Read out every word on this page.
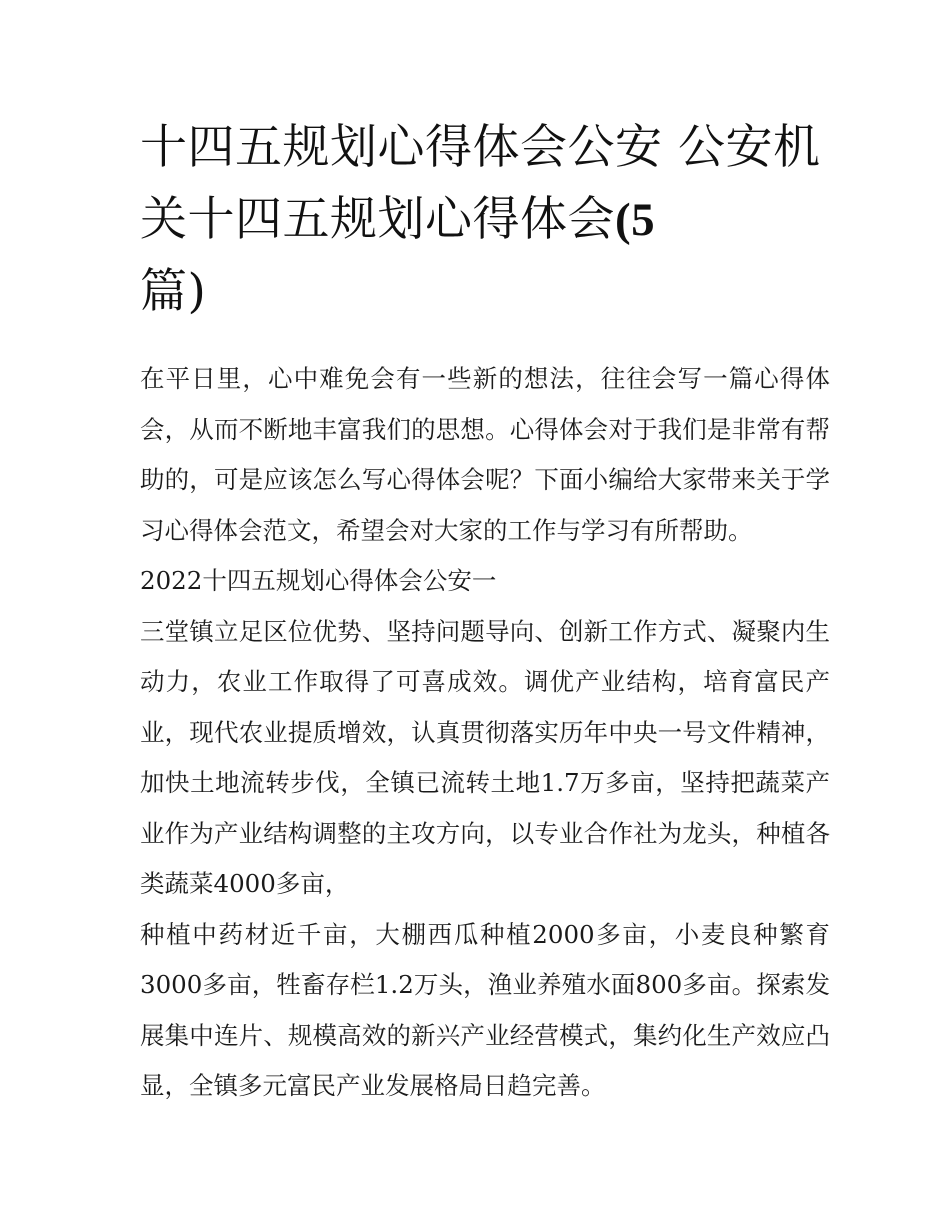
十四五规划心得体会公安 公安机关十四五规划心得体会(5
篇)

在平日里，心中难免会有一些新的想法，往往会写一篇心得体会，从而不断地丰富我们的思想。心得体会对于我们是非常有帮助的，可是应该怎么写心得体会呢？下面小编给大家带来关于学习心得体会范文，希望会对大家的工作与学习有所帮助。

2022十四五规划心得体会公安一

三堂镇立足区位优势、坚持问题导向、创新工作方式、凝聚内生动力，农业工作取得了可喜成效。调优产业结构，培育富民产业，现代农业提质增效，认真贯彻落实历年中央一号文件精神，加快土地流转步伐，全镇已流转土地1.7万多亩，坚持把蔬菜产业作为产业结构调整的主攻方向，以专业合作社为龙头，种植各类蔬菜4000多亩，

种植中药材近千亩，大棚西瓜种植2000多亩，小麦良种繁育3000多亩，牲畜存栏1.2万头，渔业养殖水面800多亩。探索发展集中连片、规模高效的新兴产业经营模式，集约化生产效应凸显，全镇多元富民产业发展格局日趋完善。
